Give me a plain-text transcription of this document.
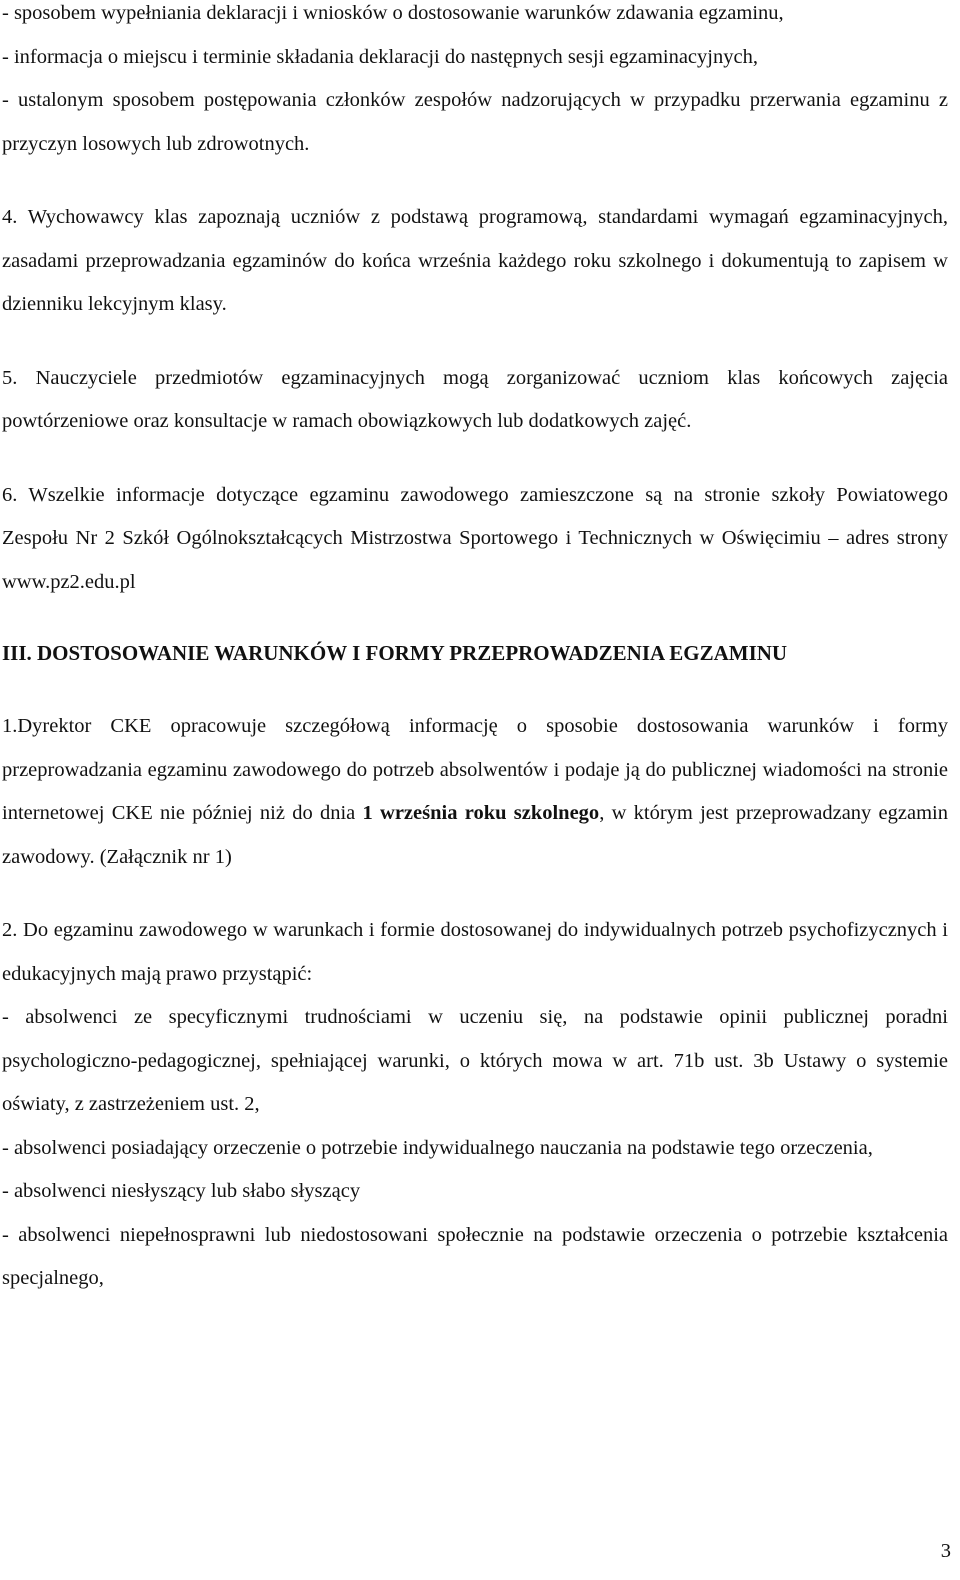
- sposobem wypełniania deklaracji i wniosków o dostosowanie warunków zdawania egzaminu,

- informacja o miejscu i terminie składania deklaracji do następnych sesji egzaminacyjnych,

- ustalonym sposobem postępowania członków zespołów nadzorujących w przypadku przerwania egzaminu z przyczyn losowych lub zdrowotnych.

4. Wychowawcy klas zapoznają uczniów z podstawą programową, standardami wymagań egzaminacyjnych, zasadami przeprowadzania egzaminów do końca września każdego roku szkolnego i dokumentują to zapisem w dzienniku lekcyjnym klasy.

5. Nauczyciele przedmiotów egzaminacyjnych mogą zorganizować uczniom klas końcowych zajęcia powtórzeniowe oraz konsultacje w ramach obowiązkowych lub dodatkowych zajęć.

6. Wszelkie informacje dotyczące egzaminu zawodowego zamieszczone są na stronie szkoły Powiatowego Zespołu Nr 2 Szkół Ogólnokształcących Mistrzostwa Sportowego i Technicznych w Oświęcimiu – adres strony www.pz2.edu.pl

III. DOSTOSOWANIE WARUNKÓW I FORMY PRZEPROWADZENIA EGZAMINU

1.Dyrektor CKE opracowuje szczegółową informację o sposobie dostosowania warunków i formy przeprowadzania egzaminu zawodowego do potrzeb absolwentów i podaje ją do publicznej wiadomości na stronie internetowej CKE nie później niż do dnia 1 września roku szkolnego, w którym jest przeprowadzany egzamin zawodowy. (Załącznik nr 1)

2. Do egzaminu zawodowego w warunkach i formie dostosowanej do indywidualnych potrzeb psychofizycznych i edukacyjnych mają prawo przystąpić:

- absolwenci ze specyficznymi trudnościami w uczeniu się, na podstawie opinii publicznej poradni psychologiczno-pedagogicznej, spełniającej warunki, o których mowa w art. 71b ust. 3b Ustawy o systemie oświaty, z zastrzeżeniem ust. 2,

- absolwenci posiadający orzeczenie o potrzebie indywidualnego nauczania na podstawie tego orzeczenia,

- absolwenci niesłyszący lub słabo słyszący

- absolwenci niepełnosprawni lub niedostosowani społecznie na podstawie orzeczenia o potrzebie kształcenia specjalnego,

3
